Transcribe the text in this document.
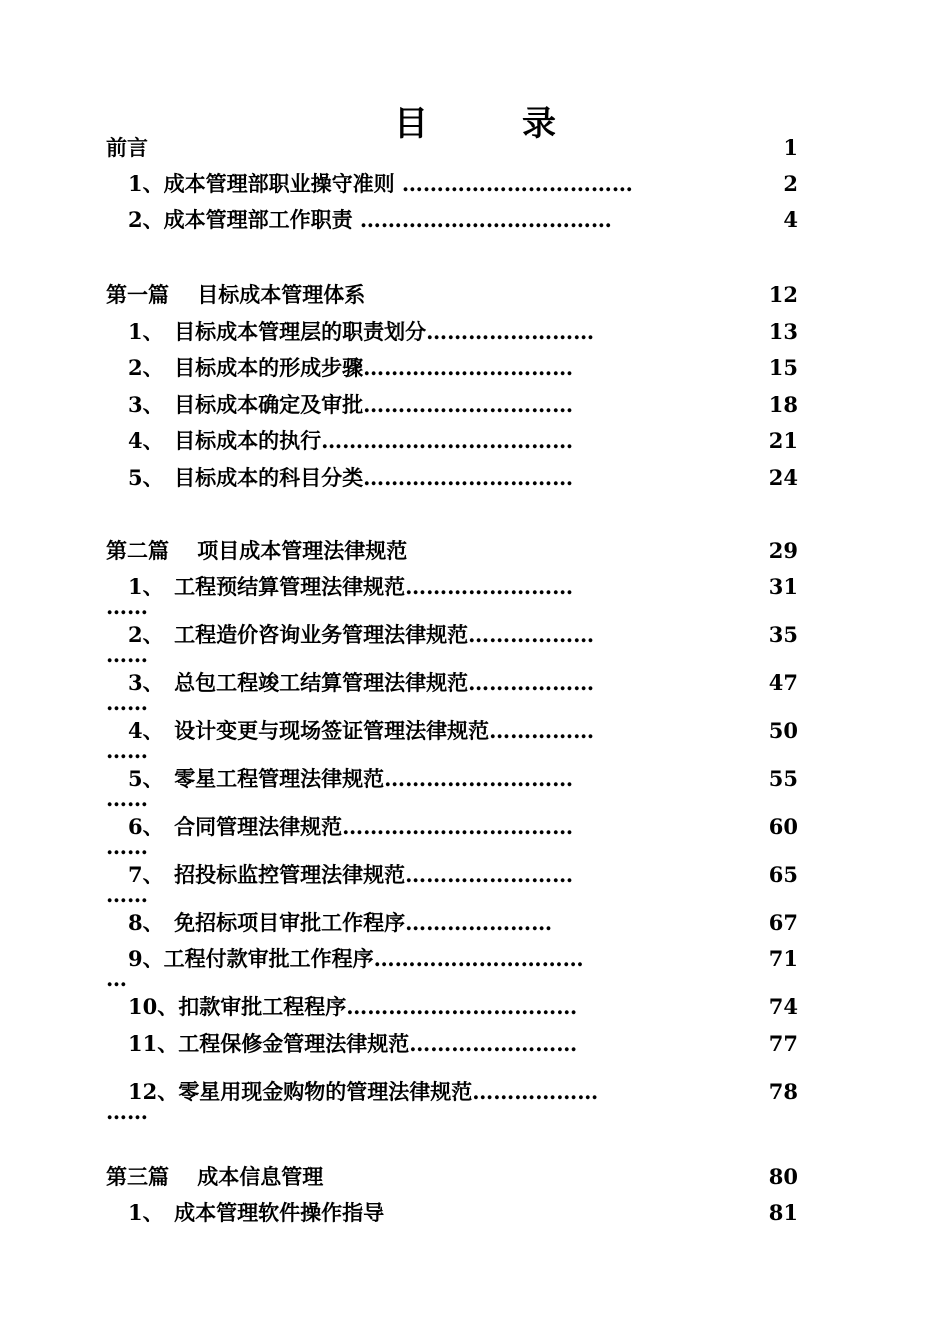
目　录
前言	1
1、成本管理部职业操守准则 ……………………………	2
2、成本管理部工作职责 ………………………………	4
第一篇　 目标成本管理体系	12
1、　目标成本管理层的职责划分……………………	13
2、　目标成本的形成步骤…………………………	15
3、　目标成本确定及审批…………………………	18
4、　目标成本的执行………………………………	21
5、　目标成本的科目分类…………………………	24
第二篇　 项目成本管理法律规范	29
1、　工程预结算管理法律规范……………………	31
……
2、　工程造价咨询业务管理法律规范………………	35
……
3、　总包工程竣工结算管理法律规范………………	47
……
4、　设计变更与现场签证管理法律规范……………	50
……
5、　零星工程管理法律规范………………………	55
……
6、　合同管理法律规范……………………………	60
……
7、　招投标监控管理法律规范……………………	65
……
8、　免招标项目审批工作程序…………………	67
9、工程付款审批工作程序…………………………	71
…
10、扣款审批工程程序……………………………	74
11、工程保修金管理法律规范……………………	77
12、零星用现金购物的管理法律规范………………	78
……
第三篇　 成本信息管理	80
1、　成本管理软件操作指导	81
